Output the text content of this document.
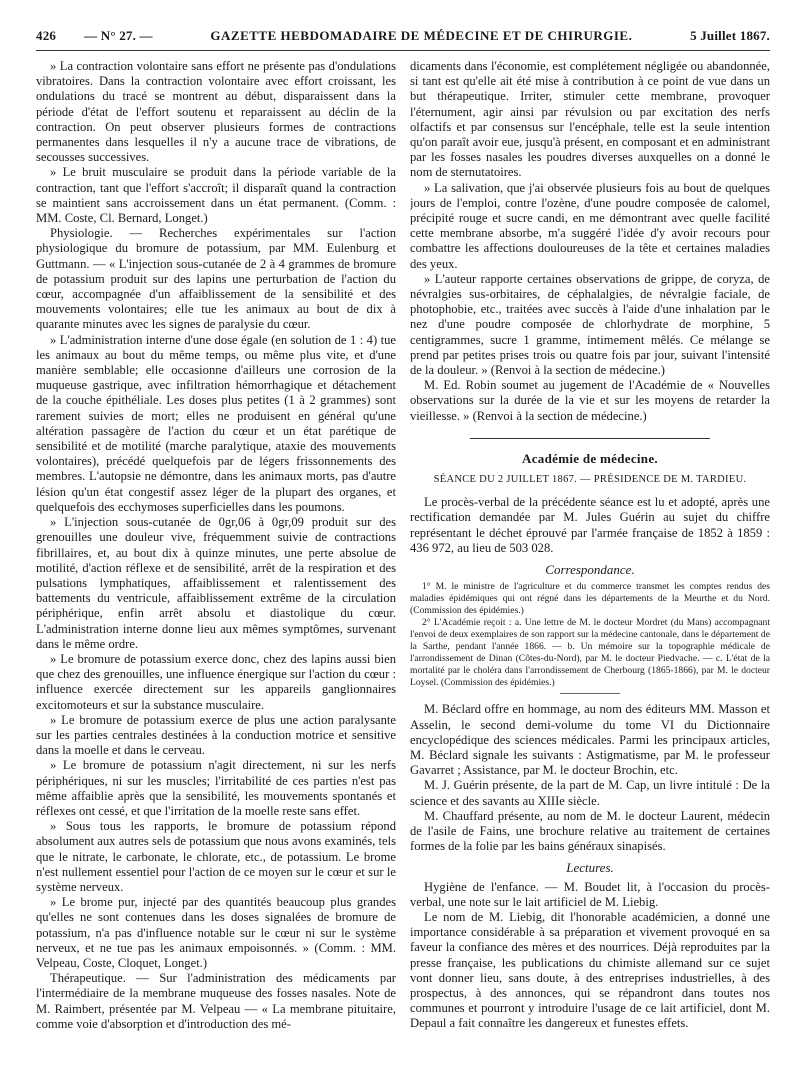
426 — N° 27. —	GAZETTE HEBDOMADAIRE DE MÉDECINE ET DE CHIRURGIE.	5 Juillet 1867.

» La contraction volontaire sans effort ne présente pas d'ondulations vibratoires. Dans la contraction volontaire avec effort croissant, les ondulations du tracé se montrent au début, disparaissent dans la période d'état de l'effort soutenu et reparaissent au déclin de la contraction. On peut observer plusieurs formes de contractions permanentes dans lesquelles il n'y a aucune trace de vibrations, de secousses successives.

» Le bruit musculaire se produit dans la période variable de la contraction, tant que l'effort s'accroît; il disparaît quand la contraction se maintient sans accroissement dans un état permanent. (Comm. : MM. Coste, Cl. Bernard, Longet.)

Physiologie. — Recherches expérimentales sur l'action physiologique du bromure de potassium, par MM. Eulenburg et Guttmann. — « L'injection sous-cutanée de 2 à 4 grammes de bromure de potassium produit sur des lapins une perturbation de l'action du cœur, accompagnée d'un affaiblissement de la sensibilité et des mouvements volontaires; elle tue les animaux au bout de dix à quarante minutes avec les signes de paralysie du cœur.

» L'administration interne d'une dose égale (en solution de 1 : 4) tue les animaux au bout du même temps, ou même plus vite, et d'une manière semblable; elle occasionne d'ailleurs une corrosion de la muqueuse gastrique, avec infiltration hémorrhagique et détachement de la couche épithéliale. Les doses plus petites (1 à 2 grammes) sont rarement suivies de mort; elles ne produisent en général qu'une altération passagère de l'action du cœur et un état parétique de sensibilité et de motilité (marche paralytique, ataxie des mouvements volontaires), précédé quelquefois par de légers frissonnements des membres. L'autopsie ne démontre, dans les animaux morts, pas d'autre lésion qu'un état congestif assez léger de la plupart des organes, et quelquefois des ecchymoses superficielles dans les poumons.

» L'injection sous-cutanée de 0gr,06 à 0gr,09 produit sur des grenouilles une douleur vive, fréquemment suivie de contractions fibrillaires, et, au bout dix à quinze minutes, une perte absolue de motilité, d'action réflexe et de sensibilité, arrêt de la respiration et des pulsations lymphatiques, affaiblissement et ralentissement des battements du ventricule, affaiblissement extrême de la circulation périphérique, enfin arrêt absolu et diastolique du cœur. L'administration interne donne lieu aux mêmes symptômes, survenant dans le même ordre.

» Le bromure de potassium exerce donc, chez des lapins aussi bien que chez des grenouilles, une influence énergique sur l'action du cœur : influence exercée directement sur les appareils ganglionnaires excitomoteurs et sur la substance musculaire.

» Le bromure de potassium exerce de plus une action paralysante sur les parties centrales destinées à la conduction motrice et sensitive dans la moelle et dans le cerveau.

» Le bromure de potassium n'agit directement, ni sur les nerfs périphériques, ni sur les muscles; l'irritabilité de ces parties n'est pas même affaiblie après que la sensibilité, les mouvements spontanés et réflexes ont cessé, et que l'irritation de la moelle reste sans effet.

» Sous tous les rapports, le bromure de potassium répond absolument aux autres sels de potassium que nous avons examinés, tels que le nitrate, le carbonate, le chlorate, etc., de potassium. Le brome n'est nullement essentiel pour l'action de ce moyen sur le cœur et sur le système nerveux.

» Le brome pur, injecté par des quantités beaucoup plus grandes qu'elles ne sont contenues dans les doses signalées de bromure de potassium, n'a pas d'influence notable sur le cœur ni sur le système nerveux, et ne tue pas les animaux empoisonnés. » (Comm. : MM. Velpeau, Coste, Cloquet, Longet.)

Thérapeutique. — Sur l'administration des médicaments par l'intermédiaire de la membrane muqueuse des fosses nasales. Note de M. Raimbert, présentée par M. Velpeau — « La membrane pituitaire, comme voie d'absorption et d'introduction des mé-

dicaments dans l'économie, est complétement négligée ou abandonnée, si tant est qu'elle ait été mise à contribution à ce point de vue dans un but thérapeutique. Irriter, stimuler cette membrane, provoquer l'éternument, agir ainsi par révulsion ou par excitation des nerfs olfactifs et par consensus sur l'encéphale, telle est la seule intention qu'on paraît avoir eue, jusqu'à présent, en composant et en administrant par les fosses nasales les poudres diverses auxquelles on a donné le nom de sternutatoires.

» La salivation, que j'ai observée plusieurs fois au bout de quelques jours de l'emploi, contre l'ozène, d'une poudre composée de calomel, précipité rouge et sucre candi, en me démontrant avec quelle facilité cette membrane absorbe, m'a suggéré l'idée d'y avoir recours pour combattre les affections douloureuses de la tête et certaines maladies des yeux.

» L'auteur rapporte certaines observations de grippe, de coryza, de névralgies sus-orbitaires, de céphalalgies, de névralgie faciale, de photophobie, etc., traitées avec succès à l'aide d'une inhalation par le nez d'une poudre composée de chlorhydrate de morphine, 5 centigrammes, sucre 1 gramme, intimement mêlés. Ce mélange se prend par petites prises trois ou quatre fois par jour, suivant l'intensité de la douleur. » (Renvoi à la section de médecine.)

M. Ed. Robin soumet au jugement de l'Académie de « Nouvelles observations sur la durée de la vie et sur les moyens de retarder la vieillesse. » (Renvoi à la section de médecine.)

Académie de médecine.
SÉANCE DU 2 JUILLET 1867. — PRÉSIDENCE DE M. TARDIEU.

Le procès-verbal de la précédente séance est lu et adopté, après une rectification demandée par M. Jules Guérin au sujet du chiffre représentant le déchet éprouvé par l'armée française de 1852 à 1859 : 436 972, au lieu de 503 028.

Correspondance.

1° M. le ministre de l'agriculture et du commerce transmet les comptes rendus des maladies épidémiques qui ont régné dans les départements de la Meurthe et du Nord. (Commission des épidémies.)

2° L'Académie reçoit : a. Une lettre de M. le docteur Mordret (du Mans) accompagnant l'envoi de deux exemplaires de son rapport sur la médecine cantonale, dans le département de la Sarthe, pendant l'année 1866. — b. Un mémoire sur la topographie médicale de l'arrondissement de Dinan (Côtes-du-Nord), par M. le docteur Piedvache. — c. L'état de la mortalité par le choléra dans l'arrondissement de Cherbourg (1865-1866), par M. le docteur Loysel. (Commission des épidémies.)

M. Béclard offre en hommage, au nom des éditeurs MM. Masson et Asselin, le second demi-volume du tome VI du Dictionnaire encyclopédique des sciences médicales. Parmi les principaux articles, M. Béclard signale les suivants : Astigmatisme, par M. le professeur Gavarret ; Assistance, par M. le docteur Brochin, etc.

M. J. Guérin présente, de la part de M. Cap, un livre intitulé : De la science et des savants au XIIIe siècle.

M. Chauffard présente, au nom de M. le docteur Laurent, médecin de l'asile de Fains, une brochure relative au traitement de certaines formes de la folie par les bains généraux sinapisés.

Lectures.

Hygiène de l'enfance. — M. Boudet lit, à l'occasion du procès-verbal, une note sur le lait artificiel de M. Liebig.

Le nom de M. Liebig, dit l'honorable académicien, a donné une importance considérable à sa préparation et vivement provoqué en sa faveur la confiance des mères et des nourrices. Déjà reproduites par la presse française, les publications du chimiste allemand sur ce sujet vont donner lieu, sans doute, à des entreprises industrielles, à des prospectus, à des annonces, qui se répandront dans toutes nos communes et pourront y introduire l'usage de ce lait artificiel, dont M. Depaul a fait connaître les dangereux et funestes effets.
